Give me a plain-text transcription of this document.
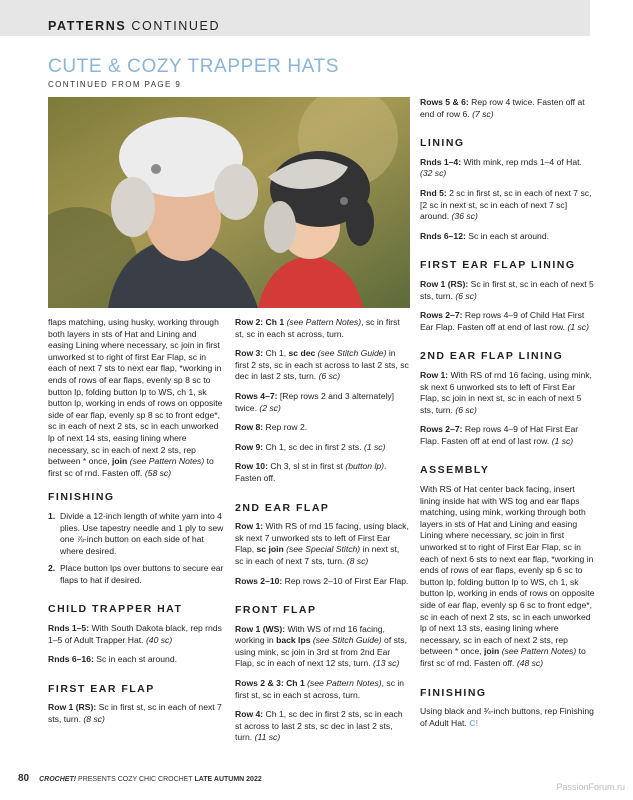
PATTERNS CONTINUED
CUTE & COZY TRAPPER HATS
CONTINUED FROM PAGE 9

flaps matching, using husky, working through both layers in sts of Hat and Lining and easing Lining where necessary, sc join in first unworked st to right of first Ear Flap, sc in each of next 7 sts to next ear flap, *working in ends of rows of ear flaps, evenly sp 8 sc to button lp, folding button lp to WS, ch 1, sk button lp, working in ends of rows on opposite side of ear flap, evenly sp 8 sc to front edge*, sc in each of next 2 sts, sc in each unworked lp of next 14 sts, easing lining where necessary, sc in each of next 2 sts, rep between * once, join (see Pattern Notes) to first sc of rnd. Fasten off. (58 sc)

FINISHING
1. Divide a 12-inch length of white yarn into 4 plies. Use tapestry needle and 1 ply to sew one ⅞-inch button on each side of hat where desired.
2. Place button lps over buttons to secure ear flaps to hat if desired.
CHILD TRAPPER HAT

Rnds 1–5: With South Dakota black, rep rnds 1–5 of Adult Trapper Hat. (40 sc)

Rnds 6–16: Sc in each st around.

FIRST EAR FLAP

Row 1 (RS): Sc in first st, sc in each of next 7 sts, turn. (8 sc)

Row 2: Ch 1 (see Pattern Notes), sc in first st, sc in each st across, turn.

Row 3: Ch 1, sc dec (see Stitch Guide) in first 2 sts, sc in each st across to last 2 sts, sc dec in last 2 sts, turn. (6 sc)

Rows 4–7: [Rep rows 2 and 3 alternately] twice. (2 sc)

Row 8: Rep row 2.

Row 9: Ch 1, sc dec in first 2 sts. (1 sc)

Row 10: Ch 3, sl st in first st (button lp). Fasten off.

2ND EAR FLAP

Row 1: With RS of rnd 15 facing, using black, sk next 7 unworked sts to left of First Ear Flap, sc join (see Special Stitch) in next st, sc in each of next 7 sts, turn. (8 sc)

Rows 2–10: Rep rows 2–10 of First Ear Flap.

FRONT FLAP

Row 1 (WS): With WS of rnd 16 facing, working in back lps (see Stitch Guide) of sts, using mink, sc join in 3rd st from 2nd Ear Flap, sc in each of next 12 sts, turn. (13 sc)

Rows 2 & 3: Ch 1 (see Pattern Notes), sc in first st, sc in each st across, turn.

Row 4: Ch 1, sc dec in first 2 sts, sc in each st across to last 2 sts, sc dec in last 2 sts, turn. (11 sc)

Rows 5 & 6: Rep row 4 twice. Fasten off at end of row 6. (7 sc)

LINING

Rnds 1–4: With mink, rep rnds 1–4 of Hat. (32 sc)

Rnd 5: 2 sc in first st, sc in each of next 7 sc, [2 sc in next st, sc in each of next 7 sc] around. (36 sc)

Rnds 6–12: Sc in each st around.

FIRST EAR FLAP LINING

Row 1 (RS): Sc in first st, sc in each of next 5 sts, turn. (6 sc)

Rows 2–7: Rep rows 4–9 of Child Hat First Ear Flap. Fasten off at end of last row. (1 sc)

2ND EAR FLAP LINING

Row 1: With RS of rnd 16 facing, using mink, sk next 6 unworked sts to left of First Ear Flap, sc join in next st, sc in each of next 5 sts, turn. (6 sc)

Rows 2–7: Rep rows 4–9 of Hat First Ear Flap. Fasten off at end of last row. (1 sc)

ASSEMBLY

With RS of Hat center back facing, insert lining inside hat with WS tog and ear flaps matching, using mink, working through both layers in sts of Hat and Lining and easing Lining where necessary, sc join in first unworked st to right of First Ear Flap, sc in each of next 6 sts to next ear flap, *working in ends of rows of ear flaps, evenly sp 6 sc to button lp, folding button lp to WS, ch 1, sk button lp, working in ends of rows on opposite side of ear flap, evenly sp 6 sc to front edge*, sc in each of next 2 sts, sc in each unworked lp of next 13 sts, easing lining where necessary, sc in each of next 2 sts, rep between * once, join (see Pattern Notes) to first sc of rnd. Fasten off. (48 sc)

FINISHING

Using black and ¾-inch buttons, rep Finishing of Adult Hat. C!

80 CROCHET! PRESENTS COZY CHIC CROCHET LATE AUTUMN 2022
PassionForum.ru
